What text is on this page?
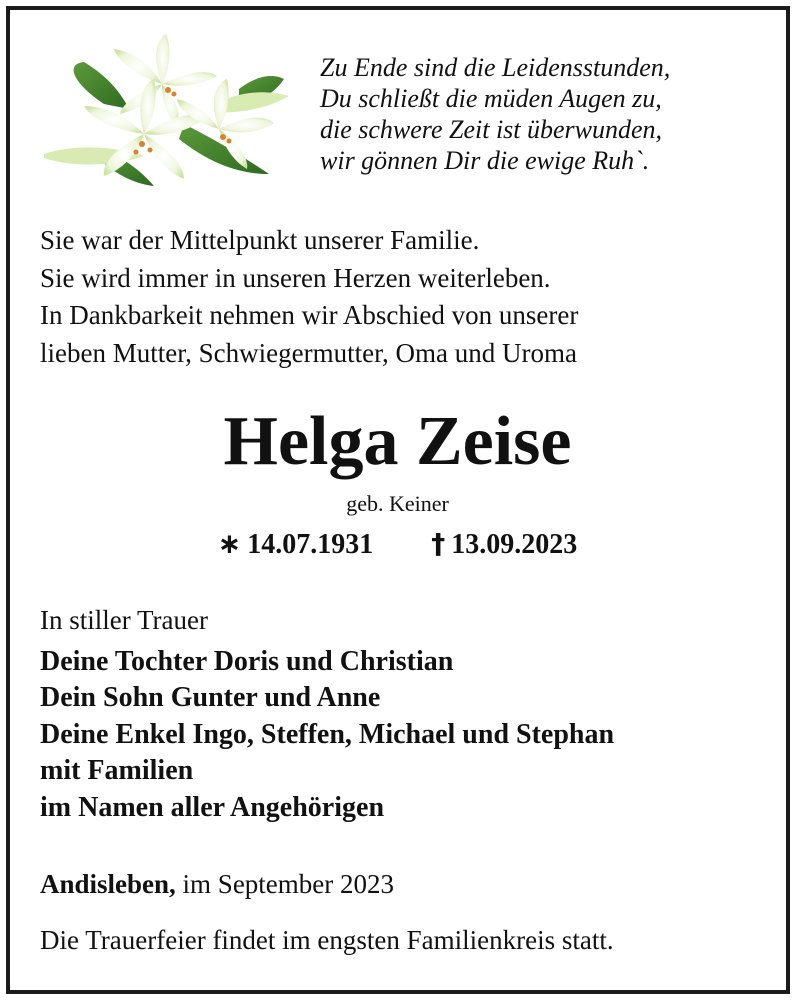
Zu Ende sind die Leidensstunden,
Du schließt die müden Augen zu,
die schwere Zeit ist überwunden,
wir gönnen Dir die ewige Ruh`.
Sie war der Mittelpunkt unserer Familie.
Sie wird immer in unseren Herzen weiterleben.
In Dankbarkeit nehmen wir Abschied von unserer
lieben Mutter, Schwiegermutter, Oma und Uroma
Helga Zeise
geb. Keiner
∗ 14.07.1931 † 13.09.2023
In stiller Trauer
Deine Tochter Doris und Christian
Dein Sohn Gunter und Anne
Deine Enkel Ingo, Steffen, Michael und Stephan
mit Familien
im Namen aller Angehörigen
Andisleben, im September 2023
Die Trauerfeier findet im engsten Familienkreis statt.
